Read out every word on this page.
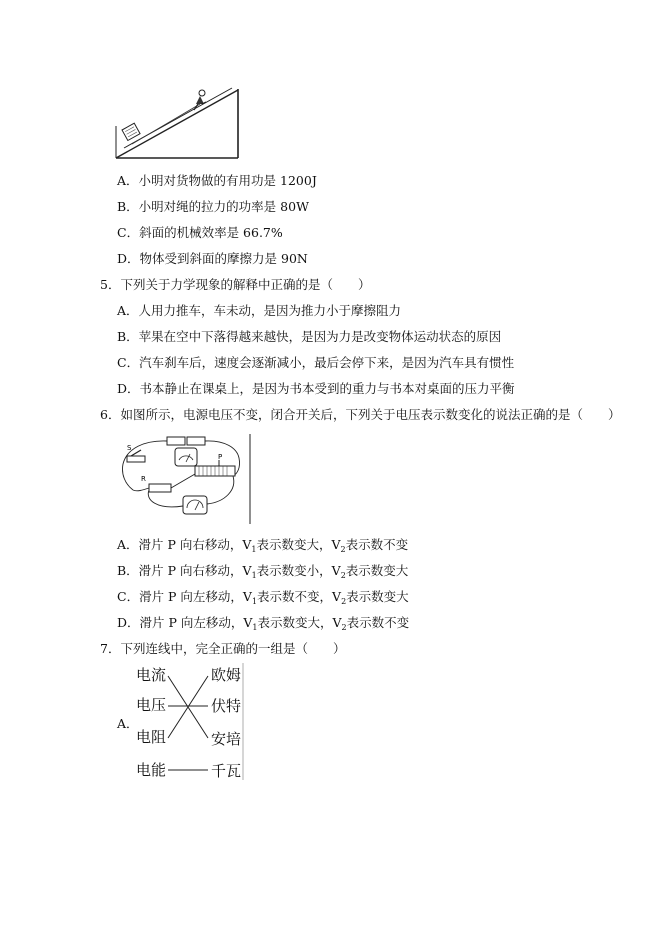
A．小明对货物做的有用功是 1200J
B．小明对绳的拉力的功率是 80W
C．斜面的机械效率是 66.7%
D．物体受到斜面的摩擦力是 90N
5．下列关于力学现象的解释中正确的是（　　）
A．人用力推车，车未动，是因为推力小于摩擦阻力
B．苹果在空中下落得越来越快，是因为力是改变物体运动状态的原因
C．汽车刹车后，速度会逐渐减小，最后会停下来，是因为汽车具有惯性
D．书本静止在课桌上，是因为书本受到的重力与书本对桌面的压力平衡
6．如图所示，电源电压不变，闭合开关后，下列关于电压表示数变化的说法正确的是（　　）
S
P
R
A．滑片 P 向右移动，$V_1$表示数变大，$V_2$表示数不变
B．滑片 P 向右移动，$V_1$表示数变小，$V_2$表示数变大
C．滑片 P 向左移动，$V_1$表示数不变，$V_2$表示数变大
D．滑片 P 向左移动，$V_1$表示数变大，$V_2$表示数不变
7．下列连线中，完全正确的一组是（　　）
A．
电流
电压
电阻
电能
欧姆
伏特
安培
千瓦
